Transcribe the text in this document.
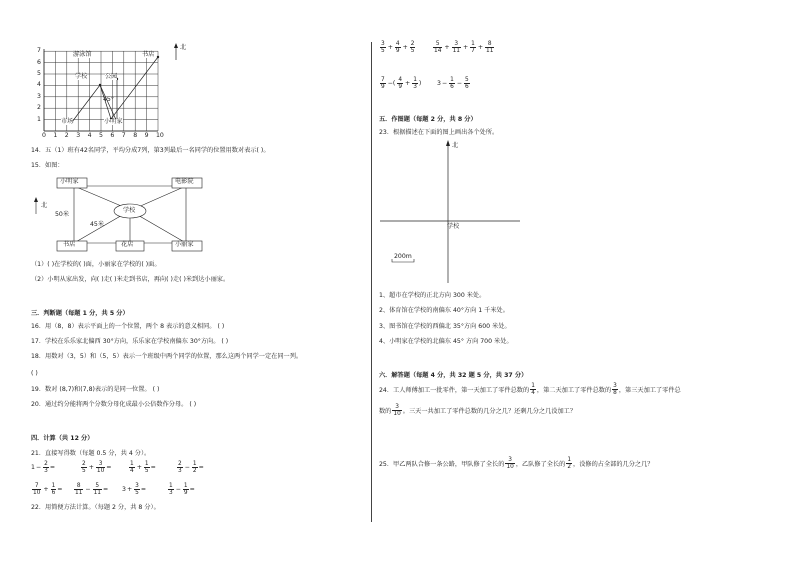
北
游泳馆	书店
学校	公园
45°
市场	小明家
0 1 2 3 4 5 6 7 8 9 10
1
2
3
4
5
6
7
14．五（1）班有42名同学，平均分成7列，第3列最后一名同学的位置用数对表示( )。
15．如图：
小明家	电影院
学校
书店	花店	小丽家
北
50米
45米
（1）( )在学校的( )面，小丽家在学校的( )面。
（2）小明从家出发，向( )走( )米走到书店，再向( )走( )米到达小丽家。
三．判断题（每题 1 分，共 5 分）
16．用（8，8）表示平面上的一个位置，两个 8 表示的意义相同。 ( )
17．学校在乐乐家北偏西 30°方向，乐乐家在学校南偏东 30°方向。 ( )
18．用数对（3，5）和（5，5）表示一个班级中两个同学的位置，那么这两个同学一定在同一列。
( )
19．数对 (8,7)和(7,8)表示的是同一位置。 ( )
20．通过约分能将两个分数分母化成最小公倍数作分母。 ( )
四．计算（共 12 分）
21．直接写得数（每题 0.5 分，共 4 分）。
$1 - \frac{2}{3}$ =	$\frac{2}{5} + \frac{3}{10}$ =	$\frac{1}{4} + \frac{1}{5}$ =	$\frac{2}{3} - \frac{1}{2}$ =
$\frac{7}{10} + \frac{1}{6} = \frac{8}{11} - \frac{5}{11} = 3 + \frac{3}{5}$ =	$\frac{1}{3} - \frac{1}{9}$ =
22．用简便方法计算。（每题 2 分，共 8 分）。
$\frac{3}{5} + \frac{4}{9} + \frac{2}{5}$	$\frac{5}{14} + \frac{3}{11} + \frac{1}{7} + \frac{8}{11}$
$\frac{7}{9}$ −( $\frac{4}{9} + \frac{1}{3}$ )	$3 - \frac{1}{6} - \frac{5}{6}$
五．作图题（每题 2 分，共 8 分）
23．根据描述在下面的图上画出各个处所。
北
学校
200m
1、超市在学校的正北方向 300 米处。
2、体育馆在学校的南偏东 40°方向 1 千米处。
3、图书馆在学校的西偏北 35°方向 600 米处。
4、小明家在学校的北偏东 45° 方向 700 米处。
六．解答题（每题 4 分，共 32 题 5 分，共 37 分）
24．工人师傅加工一批零件，第一天加工了零件总数的 $\frac{1}{4}$ ，第二天加工了零件总数的 $\frac{3}{8}$ ，第三天加工了零件总
数的 $\frac{3}{10}$ 。三天一共加工了零件总数的几分之几？还剩几分之几没加工？
25．甲乙两队合修一条公路，甲队修了全长的 $\frac{3}{10}$ ，乙队修了全长的 $\frac{1}{2}$ ，没修的占全部的几分之几？
